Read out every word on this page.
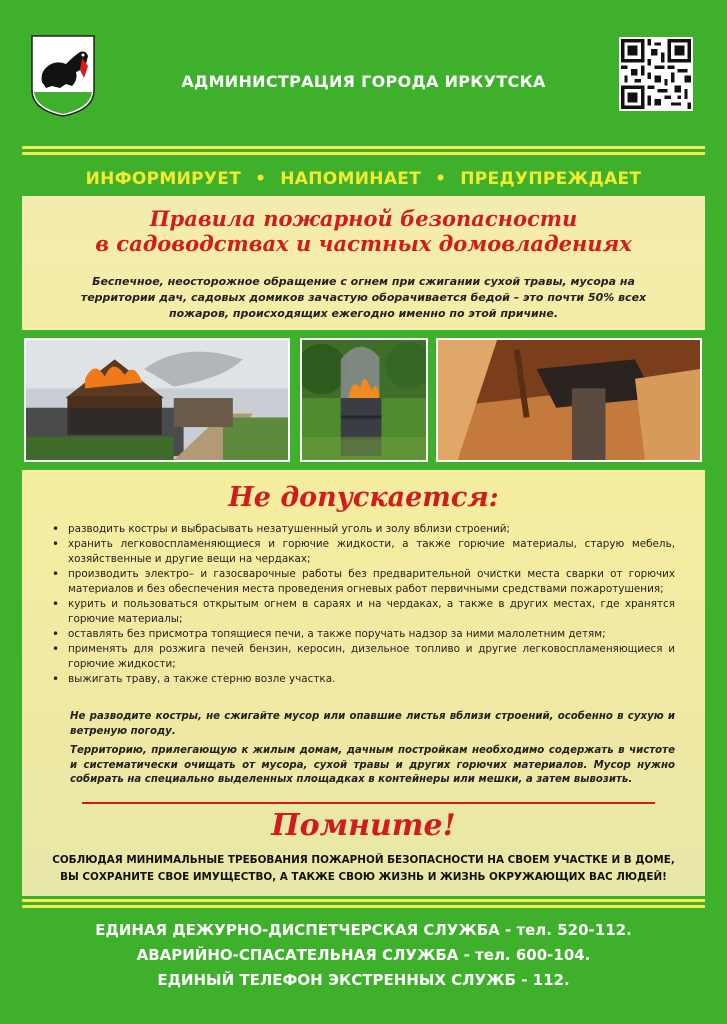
АДМИНИСТРАЦИЯ ГОРОДА ИРКУТСКА
ИНФОРМИРУЕТ • НАПОМИНАЕТ • ПРЕДУПРЕЖДАЕТ
Правила пожарной безопасности
в садоводствах и частных домовладениях
Беспечное, неосторожное обращение с огнем при сжигании сухой травы, мусора на территории дач, садовых домиков зачастую оборачивается бедой – это почти 50% всех пожаров, происходящих ежегодно именно по этой причине.
Не допускается:
• разводить костры и выбрасывать незатушенный уголь и золу вблизи строений;
• хранить легковоспламеняющиеся и горючие жидкости, а также горючие материалы, старую мебель, хозяйственные и другие вещи на чердаках;
• производить электро– и газосварочные работы без предварительной очистки места сварки от горючих материалов и без обеспечения места проведения огневых работ первичными средствами пожаротушения;
• курить и пользоваться открытым огнем в сараях и на чердаках, а также в других местах, где хранятся горючие материалы;
• оставлять без присмотра топящиеся печи, а также поручать надзор за ними малолетним детям;
• применять для розжига печей бензин, керосин, дизельное топливо и другие легковоспламеняющиеся и горючие жидкости;
• выжигать траву, а также стерню возле участка.

Не разводите костры, не сжигайте мусор или опавшие листья вблизи строений, особенно в сухую и ветреную погоду.

Территорию, прилегающую к жилым домам, дачным постройкам необходимо содержать в чистоте и систематически очищать от мусора, сухой травы и других горючих материалов. Мусор нужно собирать на специально выделенных площадках в контейнеры или мешки, а затем вывозить.

Помните!
СОБЛЮДАЯ МИНИМАЛЬНЫЕ ТРЕБОВАНИЯ ПОЖАРНОЙ БЕЗОПАСНОСТИ НА СВОЕМ УЧАСТКЕ И В ДОМЕ,
ВЫ СОХРАНИТЕ СВОЕ ИМУЩЕСТВО, А ТАКЖЕ СВОЮ ЖИЗНЬ И ЖИЗНЬ ОКРУЖАЮЩИХ ВАС ЛЮДЕЙ!
ЕДИНАЯ ДЕЖУРНО-ДИСПЕТЧЕРСКАЯ СЛУЖБА - тел. 520-112.
АВАРИЙНО-СПАСАТЕЛЬНАЯ СЛУЖБА - тел. 600-104.
ЕДИНЫЙ ТЕЛЕФОН ЭКСТРЕННЫХ СЛУЖБ - 112.
